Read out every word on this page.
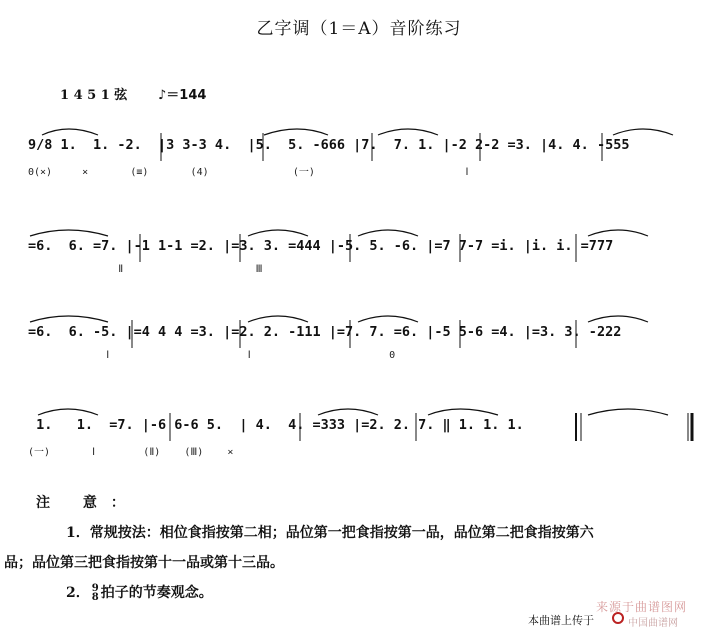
乙字调（1＝A）音阶练习
1 4 5 1 弦 ♪＝144
9/8 1.  1. -2.  |3 3-3 4.  |5.  5. -666 |7.  7. 1. |-2 2-2 =3. |4. 4. -555
0(×)     ×       (≡)       (4)              (一)                         Ⅰ
=6.  6. =7. |-1 1-1 =2. |=3. 3. =444 |-5. 5. -6. |=7 7-7 =i. |i. i. =777
Ⅱ                      Ⅲ
=6.  6. -5. |=4 4 4 =3. |=2. 2. -111 |=7. 7. =6. |-5 5-6 =4. |=3. 3. -222
Ⅰ                       Ⅰ                       0
1.   1.  =7. |-6 6-6 5.  | 4.  4. =333 |=2. 2. 7. ‖ 1. 1. 1.
(一)       Ⅰ        (Ⅱ)    (Ⅲ)    ×
注 意：
1．常规按法：相位食指按第二相；品位第一把食指按第一品，品位第二把食指按第六
品；品位第三把食指按第十一品或第十三品。
2． 9
8 拍子的节奏观念。
来源于曲谱图网
本曲谱上传于	中国曲谱网
